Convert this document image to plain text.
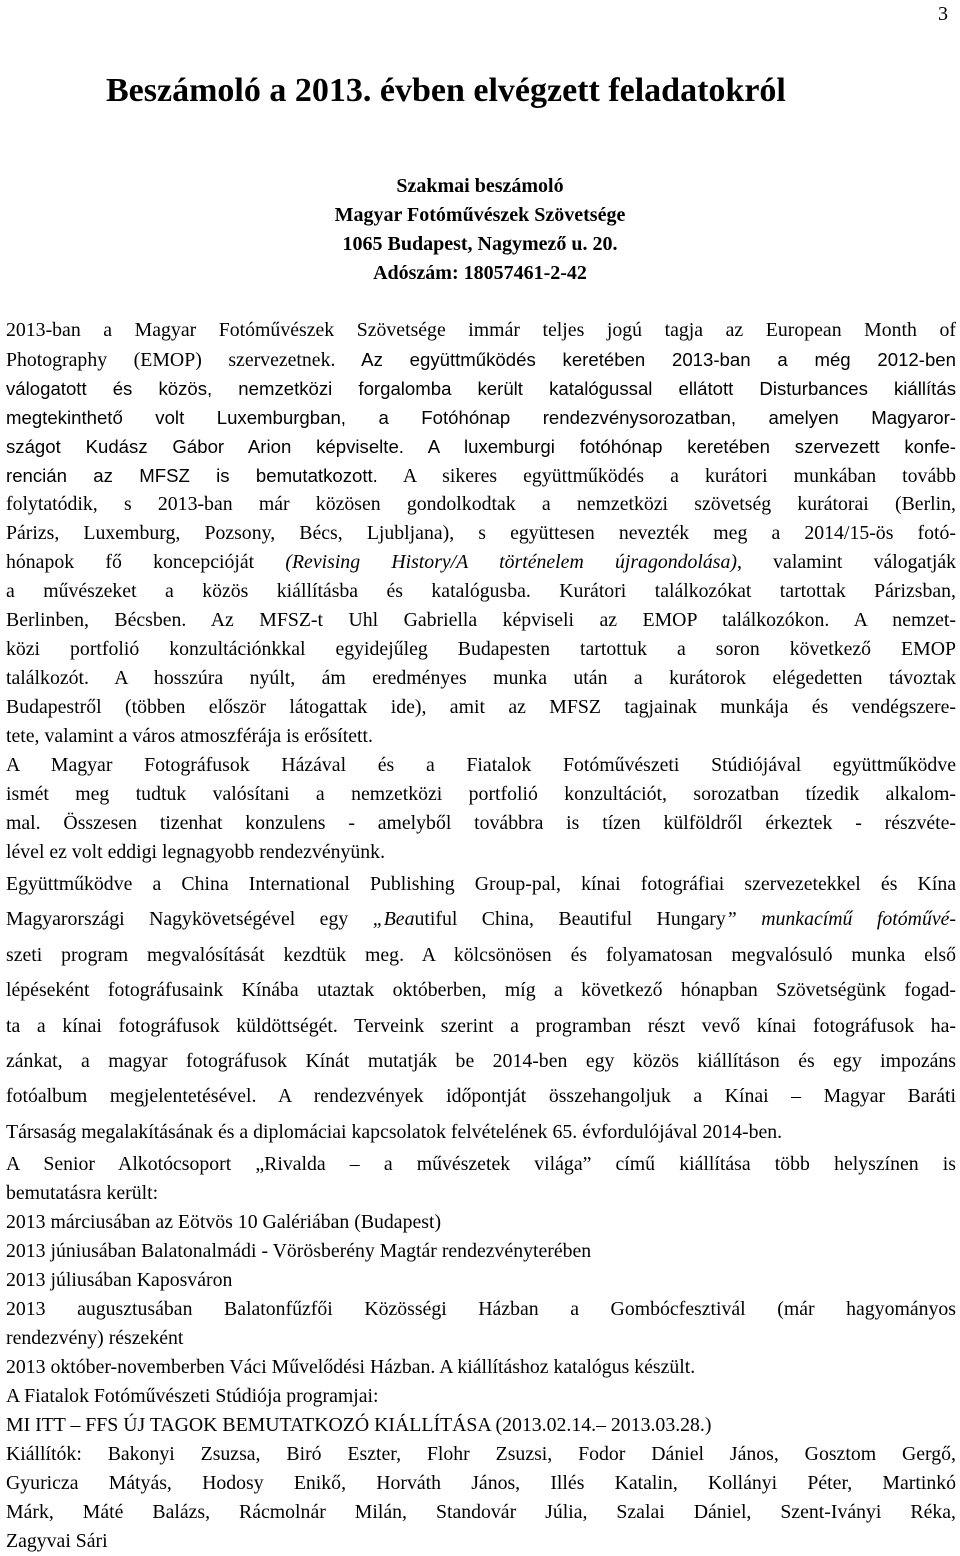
3
Beszámoló a 2013. évben elvégzett feladatokról
Szakmai beszámoló
Magyar Fotóművészek Szövetsége
1065 Budapest, Nagymező u. 20.
Adószám: 18057461-2-42
2013-ban a Magyar Fotóművészek Szövetsége immár teljes jogú tagja az European Month of
Photography (EMOP) szervezetnek. Az együttműködés keretében 2013-ban a még 2012-ben
válogatott és közös, nemzetközi forgalomba került katalógussal ellátott Disturbances kiállítás
megtekinthető volt Luxemburgban, a Fotóhónap rendezvénysorozatban, amelyen Magyaror-
szágot Kudász Gábor Arion képviselte. A luxemburgi fotóhónap keretében szervezett konfe-
rencián az MFSZ is bemutatkozott. A sikeres együttműködés a kurátori munkában tovább
folytatódik, s 2013-ban már közösen gondolkodtak a nemzetközi szövetség kurátorai (Berlin,
Párizs, Luxemburg, Pozsony, Bécs, Ljubljana), s együttesen nevezték meg a 2014/15-ös fotó-
hónapok fő koncepcióját (Revising History/A történelem újragondolása), valamint válogatják
a művészeket a közös kiállításba és katalógusba. Kurátori találkozókat tartottak Párizsban,
Berlinben, Bécsben. Az MFSZ-t Uhl Gabriella képviseli az EMOP találkozókon. A nemzet-
közi portfolió konzultációnkkal egyidejűleg Budapesten tartottuk a soron következő EMOP
találkozót. A hosszúra nyúlt, ám eredményes munka után a kurátorok elégedetten távoztak
Budapestről (többen először látogattak ide), amit az MFSZ tagjainak munkája és vendégszere-
tete, valamint a város atmoszférája is erősített.
A Magyar Fotográfusok Házával és a Fiatalok Fotóművészeti Stúdiójával együttműködve
ismét meg tudtuk valósítani a nemzetközi portfolió konzultációt, sorozatban tízedik alkalom-
mal. Összesen tizenhat konzulens - amelyből továbbra is tízen külföldről érkeztek - részvéte-
lével ez volt eddigi legnagyobb rendezvényünk.
Együttműködve a China International Publishing Group-pal, kínai fotográfiai szervezetekkel és Kína
Magyarországi Nagykövetségével egy „Beautiful China, Beautiful Hungary” munkacímű fotóművé-
szeti program megvalósítását kezdtük meg. A kölcsönösen és folyamatosan megvalósuló munka első
lépéseként fotográfusaink Kínába utaztak októberben, míg a következő hónapban Szövetségünk fogad-
ta a kínai fotográfusok küldöttségét. Terveink szerint a programban részt vevő kínai fotográfusok ha-
zánkat, a magyar fotográfusok Kínát mutatják be 2014-ben egy közös kiállításon és egy impozáns
fotóalbum megjelentetésével. A rendezvények időpontját összehangoljuk a Kínai – Magyar Baráti
Társaság megalakításának és a diplomáciai kapcsolatok felvételének 65. évfordulójával 2014-ben.
A Senior Alkotócsoport „Rivalda – a művészetek világa” című kiállítása több helyszínen is
bemutatásra került:
2013 márciusában az Eötvös 10 Galériában (Budapest)
2013 júniusában Balatonalmádi - Vörösberény Magtár rendezvényterében
2013 júliusában Kaposváron
2013 augusztusában Balatonfűzfői Közösségi Házban a Gombócfesztivál (már hagyományos
rendezvény) részeként
2013 október-novemberben Váci Művelődési Házban. A kiállításhoz katalógus készült.
A Fiatalok Fotóművészeti Stúdiója programjai:
MI ITT – FFS ÚJ TAGOK BEMUTATKOZÓ KIÁLLÍTÁSA (2013.02.14.– 2013.03.28.)
Kiállítók: Bakonyi Zsuzsa, Biró Eszter, Flohr Zsuzsi, Fodor Dániel János, Gosztom Gergő,
Gyuricza Mátyás, Hodosy Enikő, Horváth János, Illés Katalin, Kollányi Péter, Martinkó
Márk, Máté Balázs, Rácmolnár Milán, Standovár Júlia, Szalai Dániel, Szent-Iványi Réka,
Zagyvai Sári
